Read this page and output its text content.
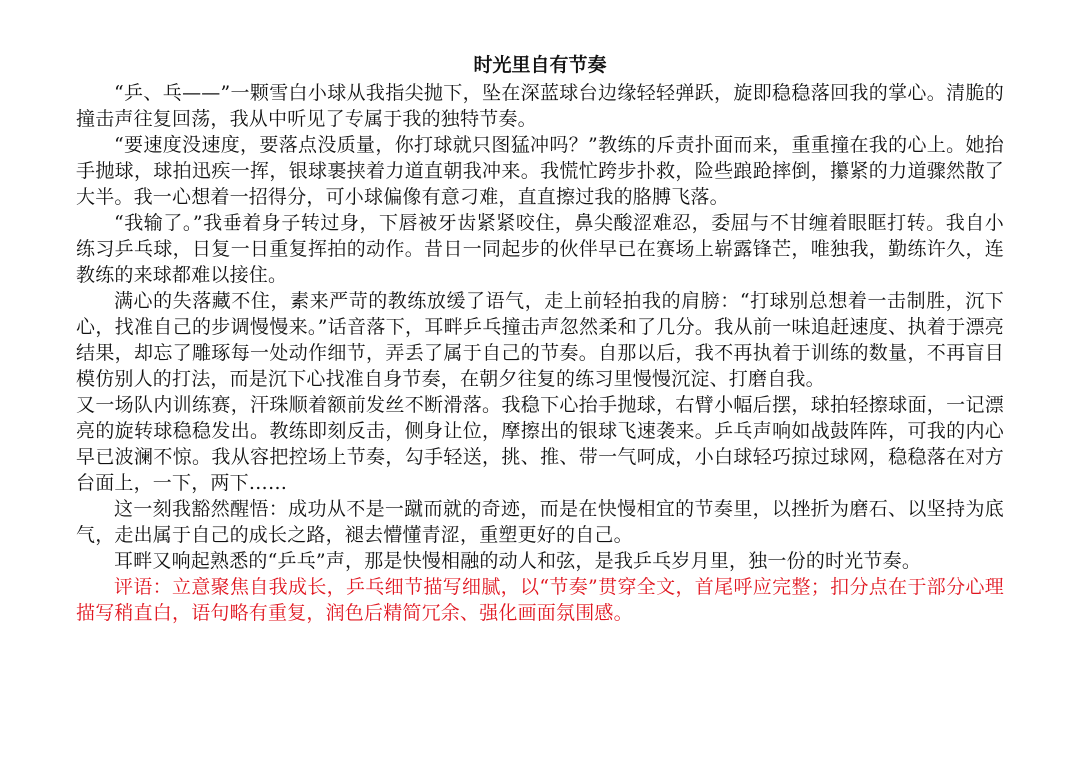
时光里自有节奏

“乒、乓——”一颗雪白小球从我指尖抛下，坠在深蓝球台边缘轻轻弹跃，旋即稳稳落回我的掌心。清脆的撞击声往复回荡，我从中听见了专属于我的独特节奏。

“要速度没速度，要落点没质量，你打球就只图猛冲吗？”教练的斥责扑面而来，重重撞在我的心上。她抬手抛球，球拍迅疾一挥，银球裹挟着力道直朝我冲来。我慌忙跨步扑救，险些踉跄摔倒，攥紧的力道骤然散了大半。我一心想着一招得分，可小球偏像有意刁难，直直擦过我的胳膊飞落。

“我输了。”我垂着身子转过身，下唇被牙齿紧紧咬住，鼻尖酸涩难忍，委屈与不甘缠着眼眶打转。我自小练习乒乓球，日复一日重复挥拍的动作。昔日一同起步的伙伴早已在赛场上崭露锋芒，唯独我，勤练许久，连教练的来球都难以接住。

满心的失落藏不住，素来严苛的教练放缓了语气，走上前轻拍我的肩膀：“打球别总想着一击制胜，沉下心，找准自己的步调慢慢来。”话音落下，耳畔乒乓撞击声忽然柔和了几分。我从前一味追赶速度、执着于漂亮结果，却忘了雕琢每一处动作细节，弄丢了属于自己的节奏。自那以后，我不再执着于训练的数量，不再盲目模仿别人的打法，而是沉下心找准自身节奏，在朝夕往复的练习里慢慢沉淀、打磨自我。

又一场队内训练赛，汗珠顺着额前发丝不断滑落。我稳下心抬手抛球，右臂小幅后摆，球拍轻擦球面，一记漂亮的旋转球稳稳发出。教练即刻反击，侧身让位，摩擦出的银球飞速袭来。乒乓声响如战鼓阵阵，可我的内心早已波澜不惊。我从容把控场上节奏，勾手轻送，挑、推、带一气呵成，小白球轻巧掠过球网，稳稳落在对方台面上，一下，两下……

这一刻我豁然醒悟：成功从不是一蹴而就的奇迹，而是在快慢相宜的节奏里，以挫折为磨石、以坚持为底气，走出属于自己的成长之路，褪去懵懂青涩，重塑更好的自己。

耳畔又响起熟悉的“乒乓”声，那是快慢相融的动人和弦，是我乒乓岁月里，独一份的时光节奏。

评语：立意聚焦自我成长，乒乓细节描写细腻，以“节奏”贯穿全文，首尾呼应完整；扣分点在于部分心理描写稍直白，语句略有重复，润色后精简冗余、强化画面氛围感。
